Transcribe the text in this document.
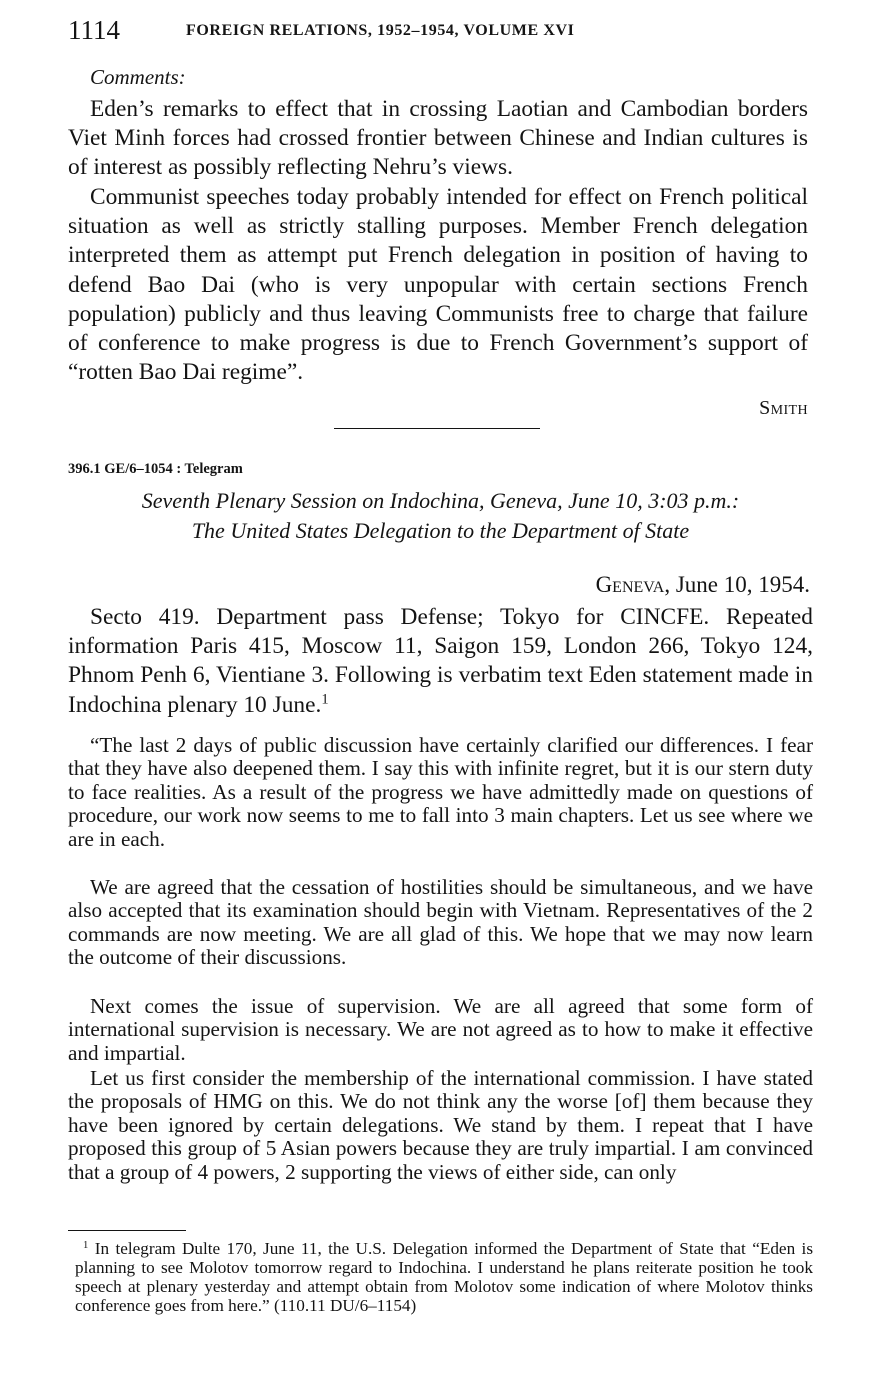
1114	FOREIGN RELATIONS, 1952–1954, VOLUME XVI
Comments:

Eden’s remarks to effect that in crossing Laotian and Cambodian borders Viet Minh forces had crossed frontier between Chinese and Indian cultures is of interest as possibly reflecting Nehru’s views.

Communist speeches today probably intended for effect on French political situation as well as strictly stalling purposes. Member French delegation interpreted them as attempt put French delegation in position of having to defend Bao Dai (who is very unpopular with certain sections French population) publicly and thus leaving Communists free to charge that failure of conference to make progress is due to French Government’s support of “rotten Bao Dai regime”.

Smith
396.1 GE/6–1054 : Telegram
Seventh Plenary Session on Indochina, Geneva, June 10, 3:03 p.m.:
The United States Delegation to the Department of State
Geneva, June 10, 1954.

Secto 419. Department pass Defense; Tokyo for CINCFE. Repeated information Paris 415, Moscow 11, Saigon 159, London 266, Tokyo 124, Phnom Penh 6, Vientiane 3. Following is verbatim text Eden statement made in Indochina plenary 10 June.$^1$

“The last 2 days of public discussion have certainly clarified our differences. I fear that they have also deepened them. I say this with infinite regret, but it is our stern duty to face realities. As a result of the progress we have admittedly made on questions of procedure, our work now seems to me to fall into 3 main chapters. Let us see where we are in each.

We are agreed that the cessation of hostilities should be simultaneous, and we have also accepted that its examination should begin with Vietnam. Representatives of the 2 commands are now meeting. We are all glad of this. We hope that we may now learn the outcome of their discussions.

Next comes the issue of supervision. We are all agreed that some form of international supervision is necessary. We are not agreed as to how to make it effective and impartial.

Let us first consider the membership of the international commission. I have stated the proposals of HMG on this. We do not think any the worse [of] them because they have been ignored by certain delegations. We stand by them. I repeat that I have proposed this group of 5 Asian powers because they are truly impartial. I am convinced that a group of 4 powers, 2 supporting the views of either side, can only

$^1$ In telegram Dulte 170, June 11, the U.S. Delegation informed the Department of State that “Eden is planning to see Molotov tomorrow regard to Indochina. I understand he plans reiterate position he took speech at plenary yesterday and attempt obtain from Molotov some indication of where Molotov thinks conference goes from here.” (110.11 DU/6–1154)
